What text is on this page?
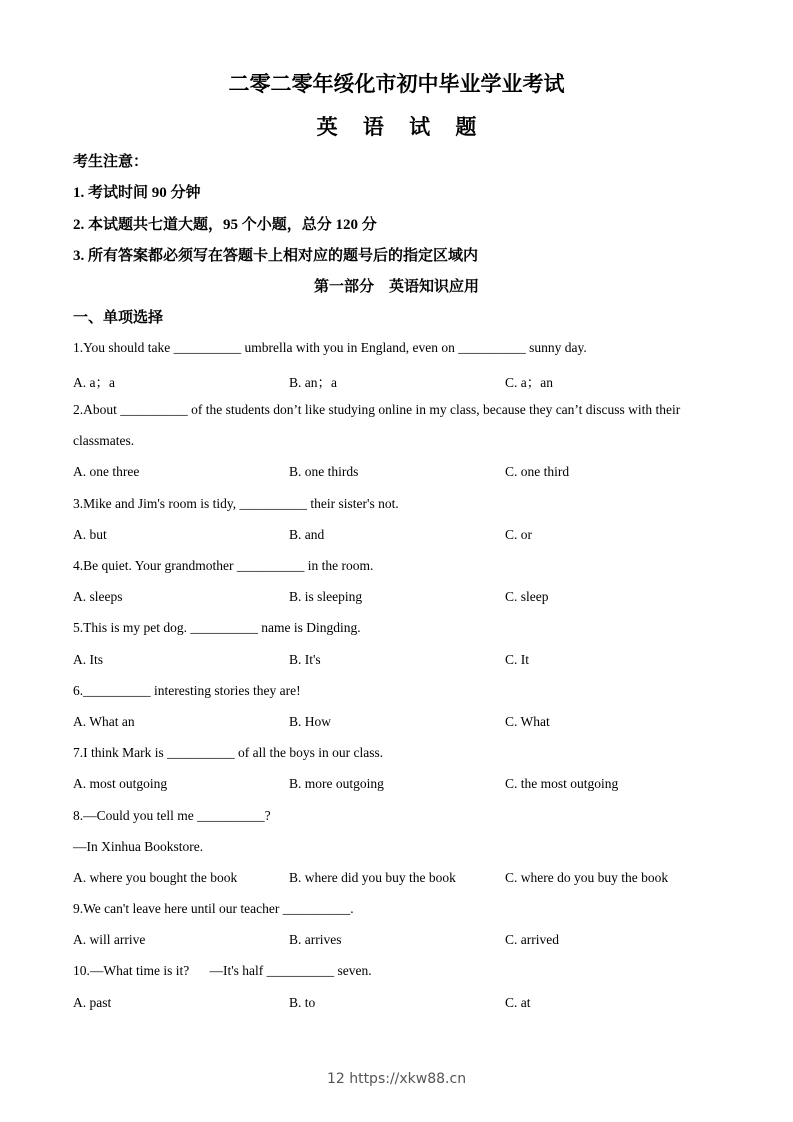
二零二零年绥化市初中毕业学业考试
英 语 试 题
考生注意：
1. 考试时间 90 分钟
2. 本试题共七道大题，95 个小题，总分 120 分
3. 所有答案都必须写在答题卡上相对应的题号后的指定区域内
第一部分    英语知识应用
一、单项选择
1.You should take __________ umbrella with you in England, even on __________ sunny day.
A. a；a	B. an；a	C. a；an
2.About __________ of the students don’t like studying online in my class, because they can’t discuss with their
classmates.
A. one three	B. one thirds	C. one third
3.Mike and Jim's room is tidy, __________ their sister's not.
A. but	B. and	C. or
4.Be quiet. Your grandmother __________ in the room.
A. sleeps	B. is sleeping	C. sleep
5.This is my pet dog. __________ name is Dingding.
A. Its	B. It's	C. It
6.__________ interesting stories they are!
A. What an	B. How	C. What
7.I think Mark is __________ of all the boys in our class.
A. most outgoing	B. more outgoing	C. the most outgoing
8.—Could you tell me __________?
—In Xinhua Bookstore.
A. where you bought the book	B. where did you buy the book	C. where do you buy the book
9.We can't leave here until our teacher __________.
A. will arrive	B. arrives	C. arrived
10.—What time is it?      —It's half __________ seven.
A. past	B. to	C. at
12 https://xkw88.cn
